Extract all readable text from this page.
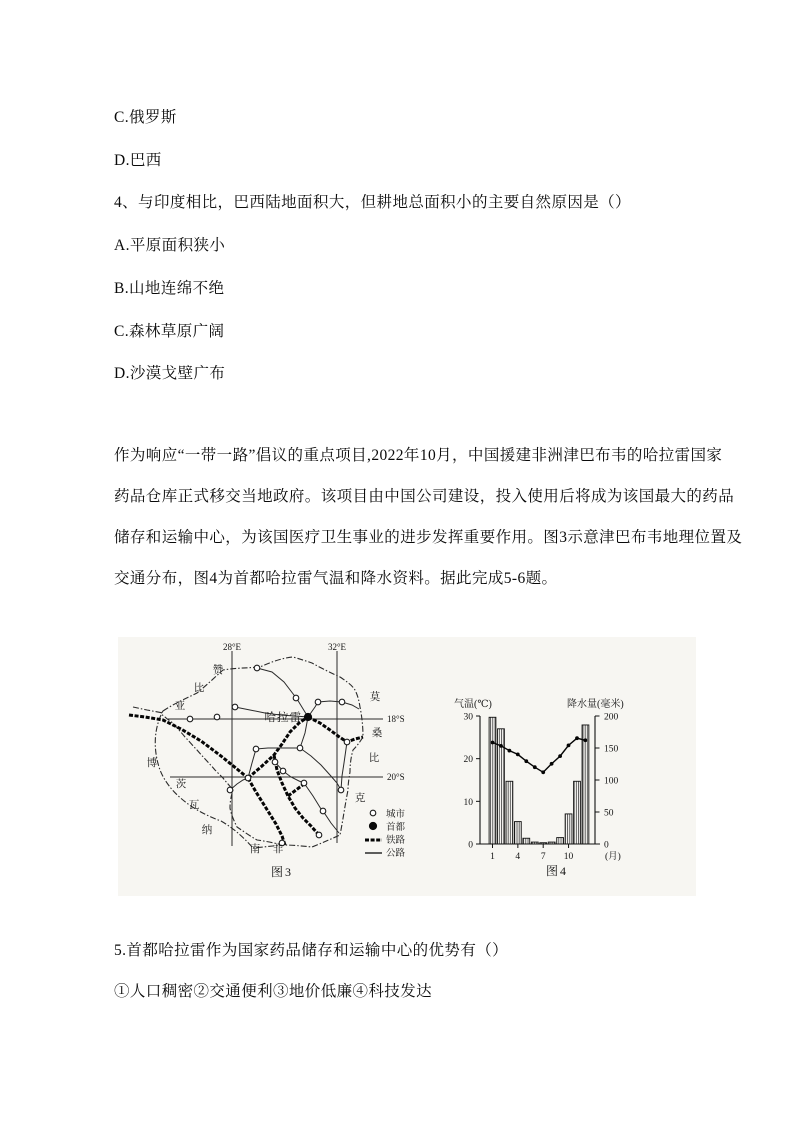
C.俄罗斯
D.巴西
4、与印度相比，巴西陆地面积大，但耕地总面积小的主要自然原因是（）
A.平原面积狭小
B.山地连绵不绝
C.森林草原广阔
D.沙漠戈壁广布
作为响应“一带一路”倡议的重点项目,2022年10月，中国援建非洲津巴布韦的哈拉雷国家
药品仓库正式移交当地政府。该项目由中国公司建设，投入使用后将成为该国最大的药品
储存和运输中心，为该国医疗卫生事业的进步发挥重要作用。图3示意津巴布韦地理位置及
交通分布，图4为首都哈拉雷气温和降水资料。据此完成5-6题。
28°E	32°E
18°S
20°S
哈拉雷
城市
首都
铁路
公路
赞
比
亚
莫
桑
比
克
博
茨
瓦
纳
南 非
图3
气温(℃)	降水量(毫米)
0
10
20
30
0
50
100
150
200
1 4 7 10	(月)
图4
5.首都哈拉雷作为国家药品储存和运输中心的优势有（）
①人口稠密②交通便利③地价低廉④科技发达
